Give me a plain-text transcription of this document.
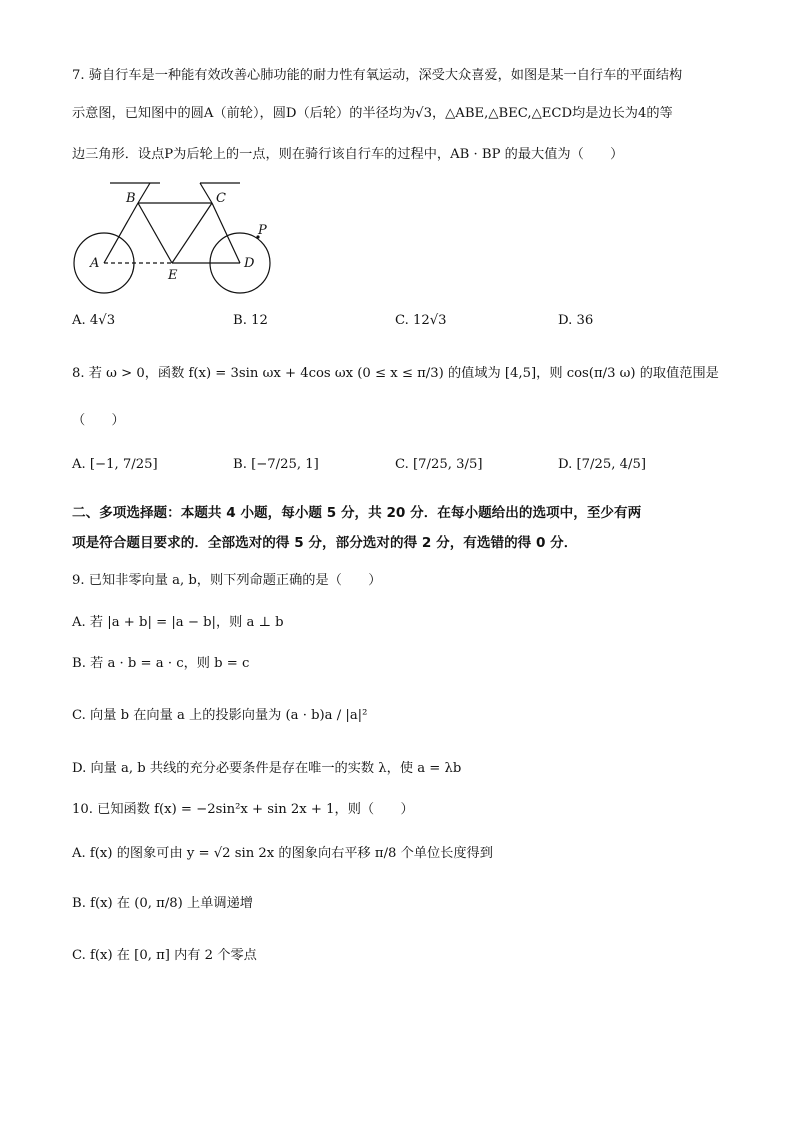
7. 骑自行车是一种能有效改善心肺功能的耐力性有氧运动，深受大众喜爱，如图是某一自行车的平面结构
示意图，已知图中的圆A（前轮），圆D（后轮）的半径均为√3，△ABE,△BEC,△ECD均是边长为4的等
边三角形．设点P为后轮上的一点，则在骑行该自行车的过程中，AB · BP 的最大值为（　　）
B	C
P
A	D
E
A. 4√3	B. 12	C. 12√3	D. 36
8. 若 ω > 0，函数 f(x) = 3sin ωx + 4cos ωx (0 ≤ x ≤ π/3) 的值域为 [4,5]，则 cos(π/3 ω) 的取值范围是
（　　）
A. [−1, 7/25]	B. [−7/25, 1]	C. [7/25, 3/5]	D. [7/25, 4/5]
二、多项选择题：本题共 4 小题，每小题 5 分，共 20 分．在每小题给出的选项中，至少有两
项是符合题目要求的．全部选对的得 5 分，部分选对的得 2 分，有选错的得 0 分．
9. 已知非零向量 a, b，则下列命题正确的是（　　）
A. 若 |a + b| = |a − b|，则 a ⊥ b
B. 若 a · b = a · c，则 b = c
C. 向量 b 在向量 a 上的投影向量为 (a · b)a / |a|²
D. 向量 a, b 共线的充分必要条件是存在唯一的实数 λ，使 a = λb
10. 已知函数 f(x) = −2sin²x + sin 2x + 1，则（　　）
A. f(x) 的图象可由 y = √2 sin 2x 的图象向右平移 π/8 个单位长度得到
B. f(x) 在 (0, π/8) 上单调递增
C. f(x) 在 [0, π] 内有 2 个零点
